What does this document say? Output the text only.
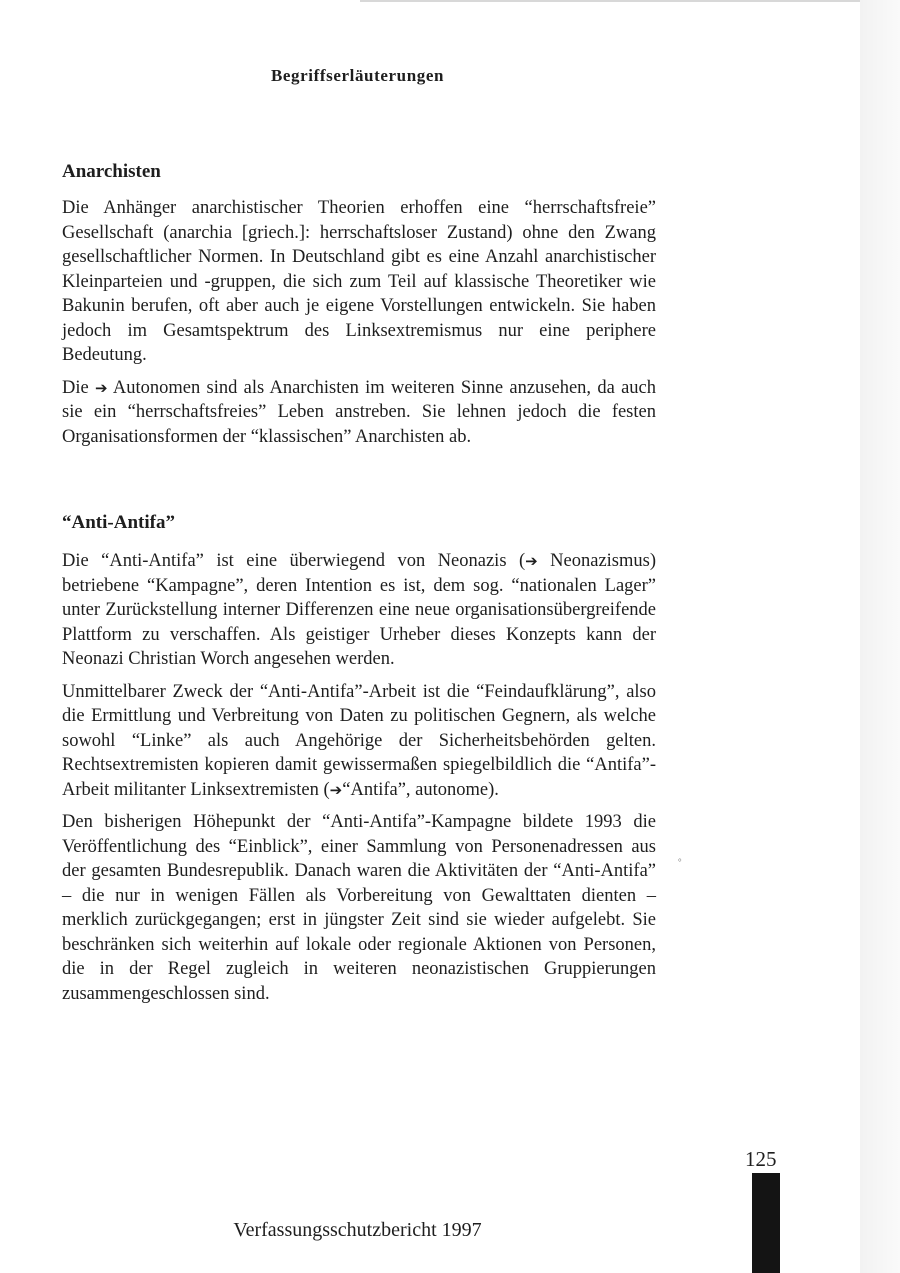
Begriffserläuterungen
Anarchisten

Die Anhänger anarchistischer Theorien erhoffen eine “herrschaftsfreie” Gesellschaft (anarchia [griech.]: herrschaftsloser Zustand) ohne den Zwang gesellschaftlicher Normen. In Deutschland gibt es eine Anzahl anarchistischer Kleinparteien und -gruppen, die sich zum Teil auf klassische Theoretiker wie Bakunin berufen, oft aber auch je eigene Vorstellungen entwickeln. Sie haben jedoch im Gesamtspektrum des Linksextremismus nur eine periphere Bedeutung.

Die ➔ Autonomen sind als Anarchisten im weiteren Sinne anzusehen, da auch sie ein “herrschaftsfreies” Leben anstreben. Sie lehnen jedoch die festen Organisationsformen der “klassischen” Anarchisten ab.

“Anti-Antifa”

Die “Anti-Antifa” ist eine überwiegend von Neonazis (➔ Neonazismus) betriebene “Kampagne”, deren Intention es ist, dem sog. “nationalen Lager” unter Zurückstellung interner Differenzen eine neue organisationsübergreifende Plattform zu verschaffen. Als geistiger Urheber dieses Konzepts kann der Neonazi Christian Worch angesehen werden.

Unmittelbarer Zweck der “Anti-Antifa”-Arbeit ist die “Feindaufklärung”, also die Ermittlung und Verbreitung von Daten zu politischen Gegnern, als welche sowohl “Linke” als auch Angehörige der Sicherheitsbehörden gelten. Rechtsextremisten kopieren damit gewissermaßen spiegelbildlich die “Antifa”-Arbeit militanter Linksextremisten (➔“Antifa”, autonome).

Den bisherigen Höhepunkt der “Anti-Antifa”-Kampagne bildete 1993 die Veröffentlichung des “Einblick”, einer Sammlung von Personenadressen aus der gesamten Bundesrepublik. Danach waren die Aktivitäten der “Anti-Antifa” – die nur in wenigen Fällen als Vorbereitung von Gewalttaten dienten – merklich zurückgegangen; erst in jüngster Zeit sind sie wieder aufgelebt. Sie beschränken sich weiterhin auf lokale oder regionale Aktionen von Personen, die in der Regel zugleich in weiteren neonazistischen Gruppierungen zusammengeschlossen sind.

°
125
Verfassungsschutzbericht 1997
